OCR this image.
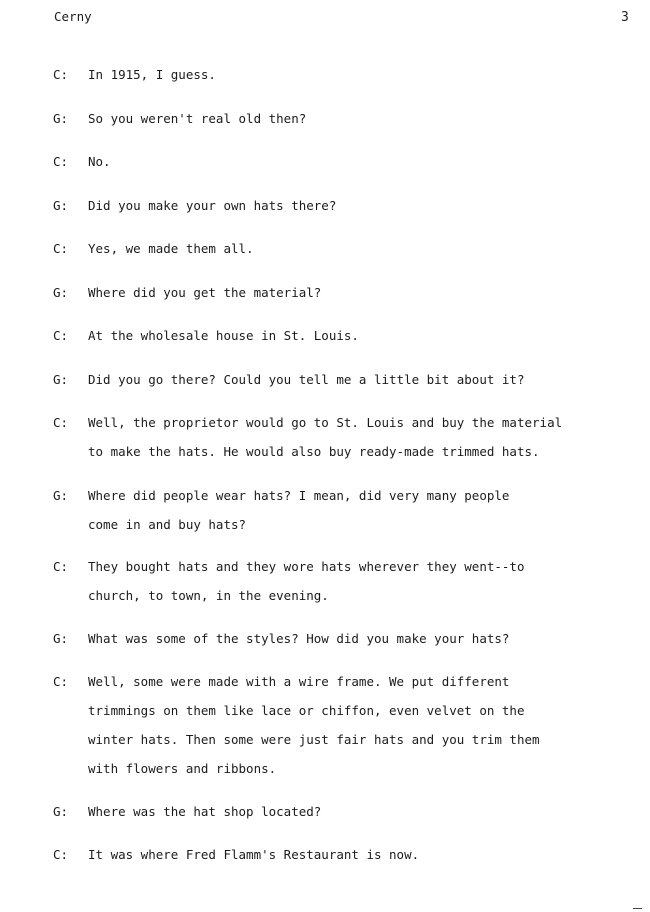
Cerny	3
C: In 1915, I guess.
G: So you weren't real old then?
C: No.
G: Did you make your own hats there?
C: Yes, we made them all.
G: Where did you get the material?
C: At the wholesale house in St. Louis.
G: Did you go there? Could you tell me a little bit about it?
C: Well, the proprietor would go to St. Louis and buy the material
to make the hats. He would also buy ready-made trimmed hats.
G: Where did people wear hats? I mean, did very many people
come in and buy hats?
C: They bought hats and they wore hats wherever they went--to
church, to town, in the evening.
G: What was some of the styles? How did you make your hats?
C: Well, some were made with a wire frame. We put different
trimmings on them like lace or chiffon, even velvet on the
winter hats. Then some were just fair hats and you trim them
with flowers and ribbons.
G: Where was the hat shop located?
C: It was where Fred Flamm's Restaurant is now.
